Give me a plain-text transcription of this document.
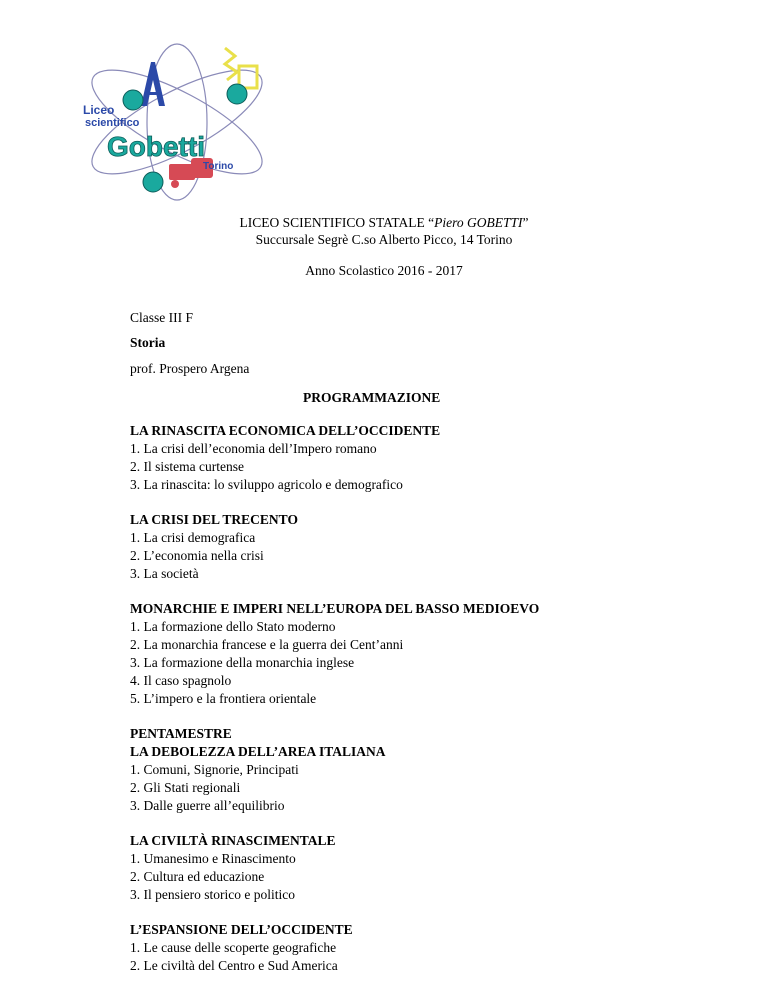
Liceo
scientifico
Gobetti
Torino
LICEO SCIENTIFICO STATALE “Piero GOBETTI”
Succursale Segrè C.so Alberto Picco, 14 Torino
Anno Scolastico 2016 - 2017
Classe III F
Storia
prof. Prospero Argena
PROGRAMMAZIONE
LA RINASCITA ECONOMICA DELL’OCCIDENTE
1. La crisi dell’economia dell’Impero romano
2. Il sistema curtense
3. La rinascita: lo sviluppo agricolo e demografico
LA CRISI DEL TRECENTO
1. La crisi demografica
2. L’economia nella crisi
3. La società
MONARCHIE E IMPERI NELL’EUROPA DEL BASSO MEDIOEVO
1. La formazione dello Stato moderno
2. La monarchia francese e la guerra dei Cent’anni
3. La formazione della monarchia inglese
4. Il caso spagnolo
5. L’impero e la frontiera orientale
PENTAMESTRE
LA DEBOLEZZA DELL’AREA ITALIANA
1. Comuni, Signorie, Principati
2. Gli Stati regionali
3. Dalle guerre all’equilibrio
LA CIVILTÀ RINASCIMENTALE
1. Umanesimo e Rinascimento
2. Cultura ed educazione
3. Il pensiero storico e politico
L’ESPANSIONE DELL’OCCIDENTE
1. Le cause delle scoperte geografiche
2. Le civiltà del Centro e Sud America
